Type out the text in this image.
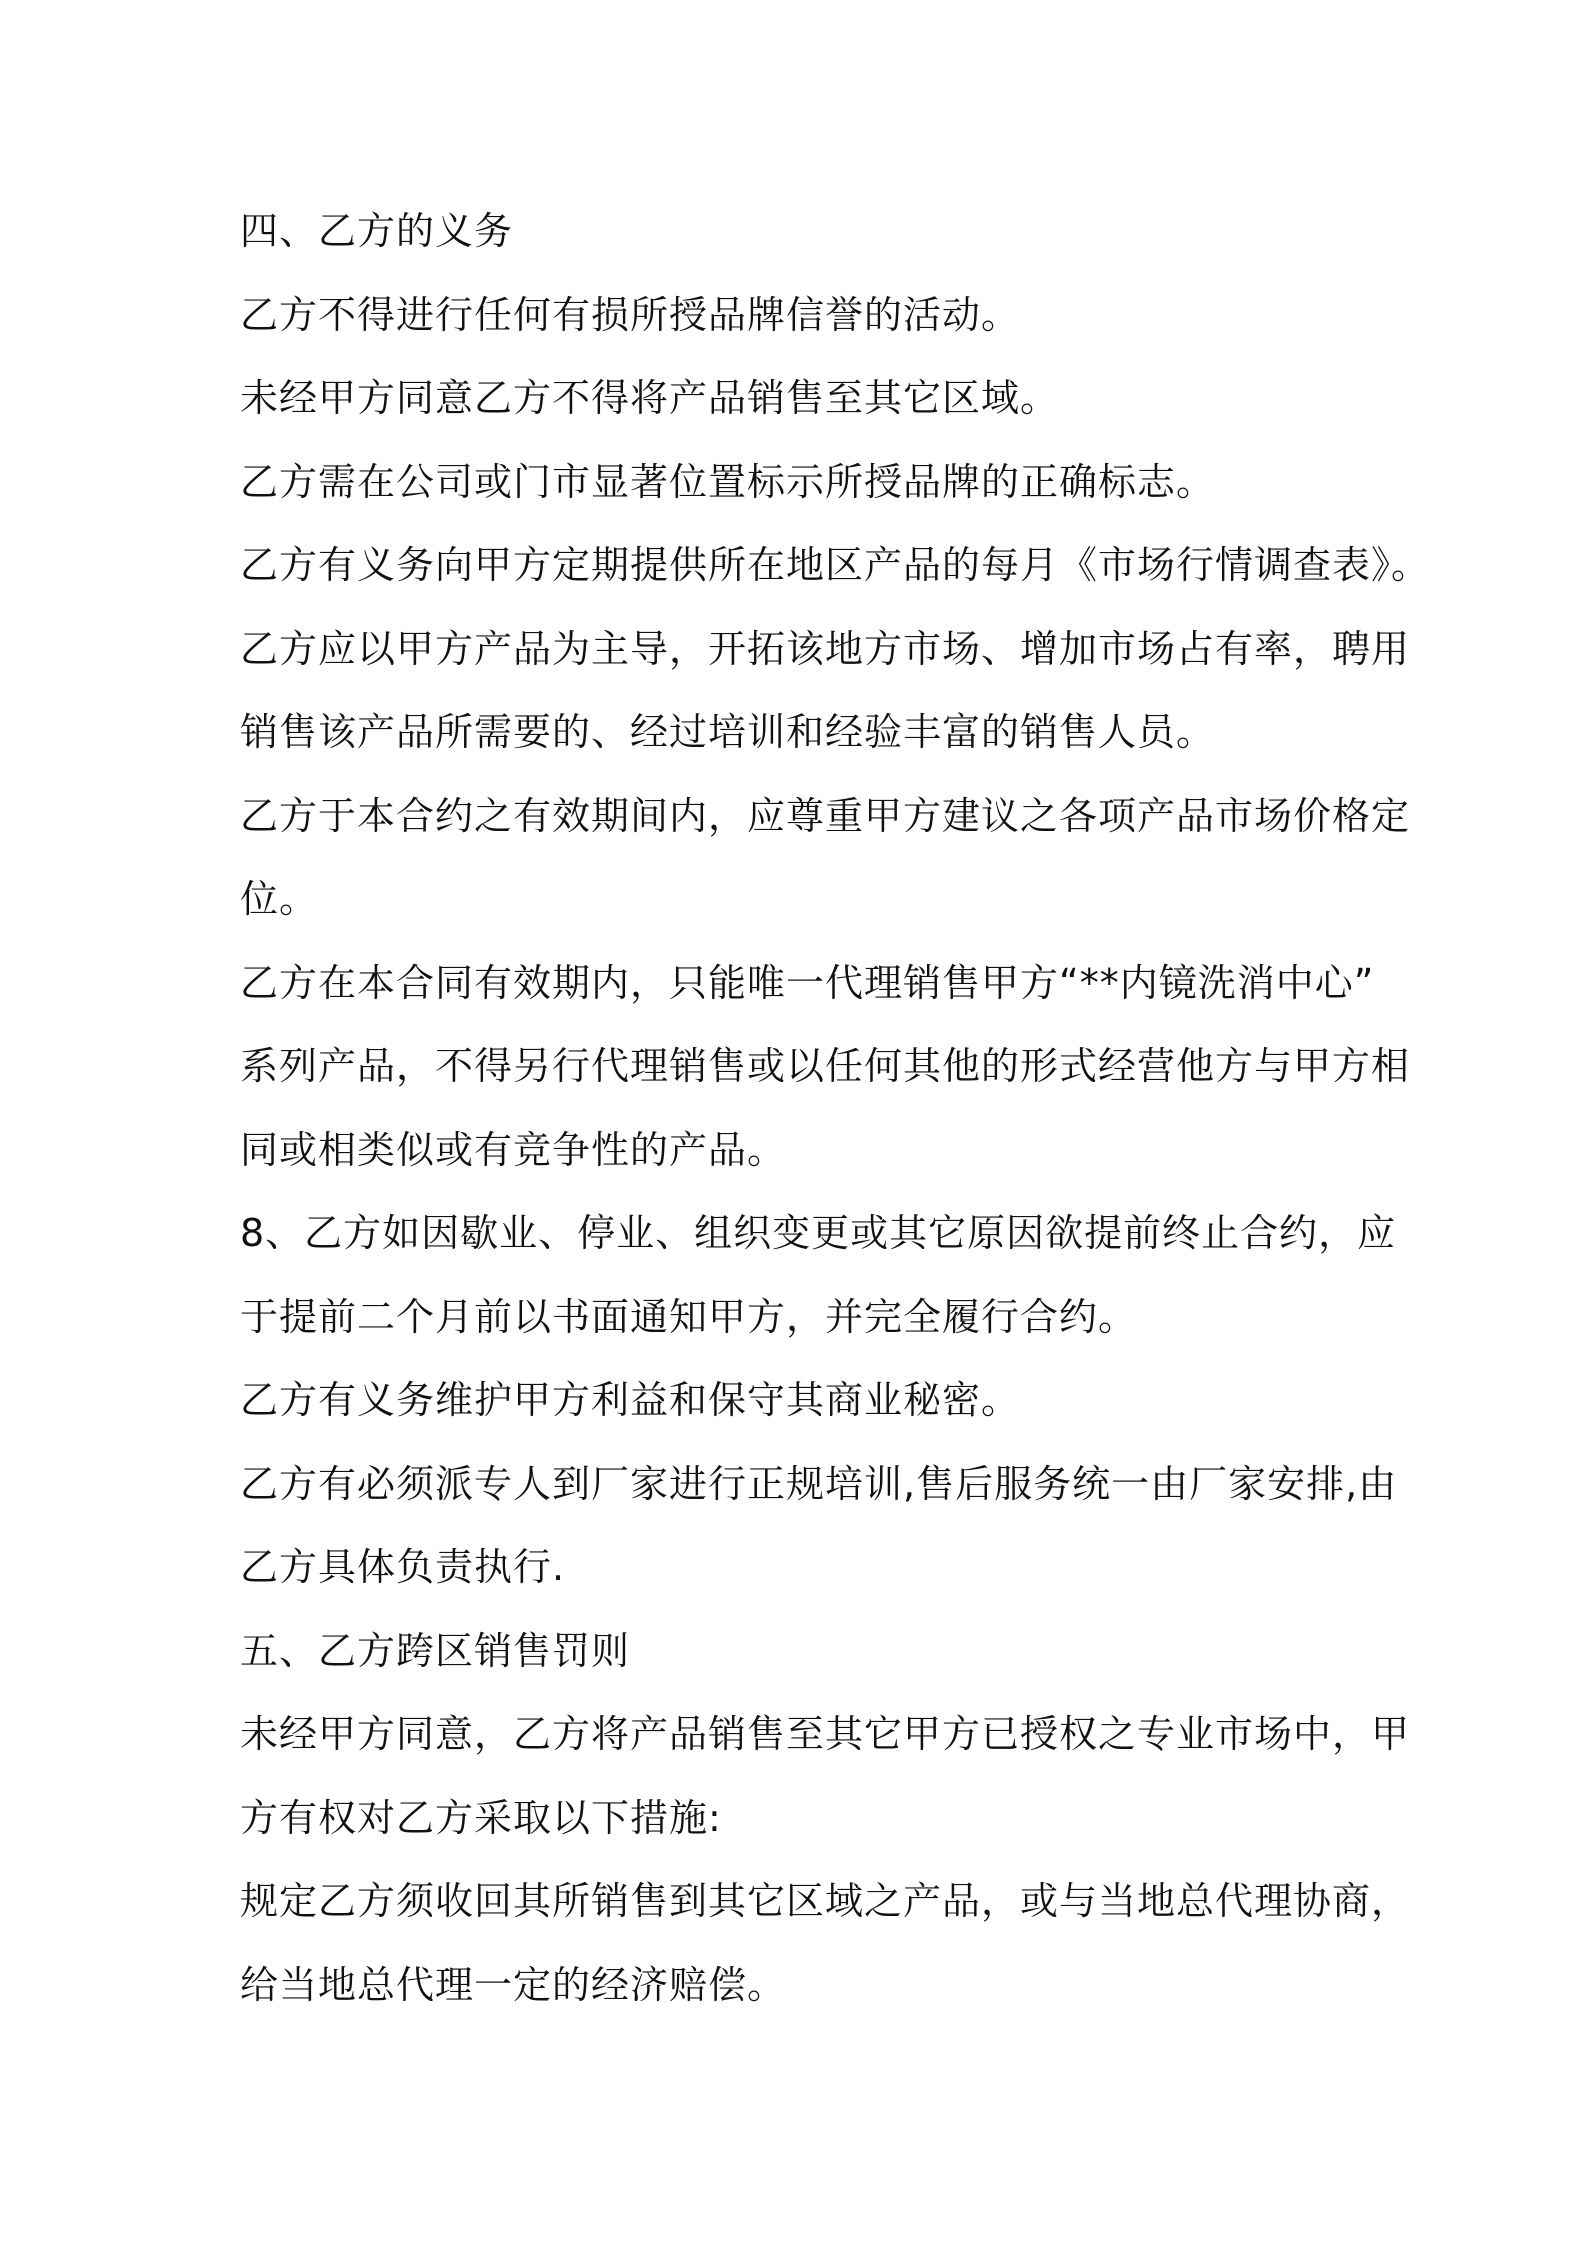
四、乙方的义务
乙方不得进行任何有损所授品牌信誉的活动。
未经甲方同意乙方不得将产品销售至其它区域。
乙方需在公司或门市显著位置标示所授品牌的正确标志。
乙方有义务向甲方定期提供所在地区产品的每月《市场行情调查表》。
乙方应以甲方产品为主导，开拓该地方市场、增加市场占有率，聘用
销售该产品所需要的、经过培训和经验丰富的销售人员。
乙方于本合约之有效期间内，应尊重甲方建议之各项产品市场价格定
位。
乙方在本合同有效期内，只能唯一代理销售甲方“**内镜洗消中心”
系列产品，不得另行代理销售或以任何其他的形式经营他方与甲方相
同或相类似或有竞争性的产品。
8、乙方如因歇业、停业、组织变更或其它原因欲提前终止合约，应
于提前二个月前以书面通知甲方，并完全履行合约。
乙方有义务维护甲方利益和保守其商业秘密。
乙方有必须派专人到厂家进行正规培训,售后服务统一由厂家安排,由
乙方具体负责执行.
五、乙方跨区销售罚则
未经甲方同意，乙方将产品销售至其它甲方已授权之专业市场中，甲
方有权对乙方采取以下措施:
规定乙方须收回其所销售到其它区域之产品，或与当地总代理协商，
给当地总代理一定的经济赔偿。
